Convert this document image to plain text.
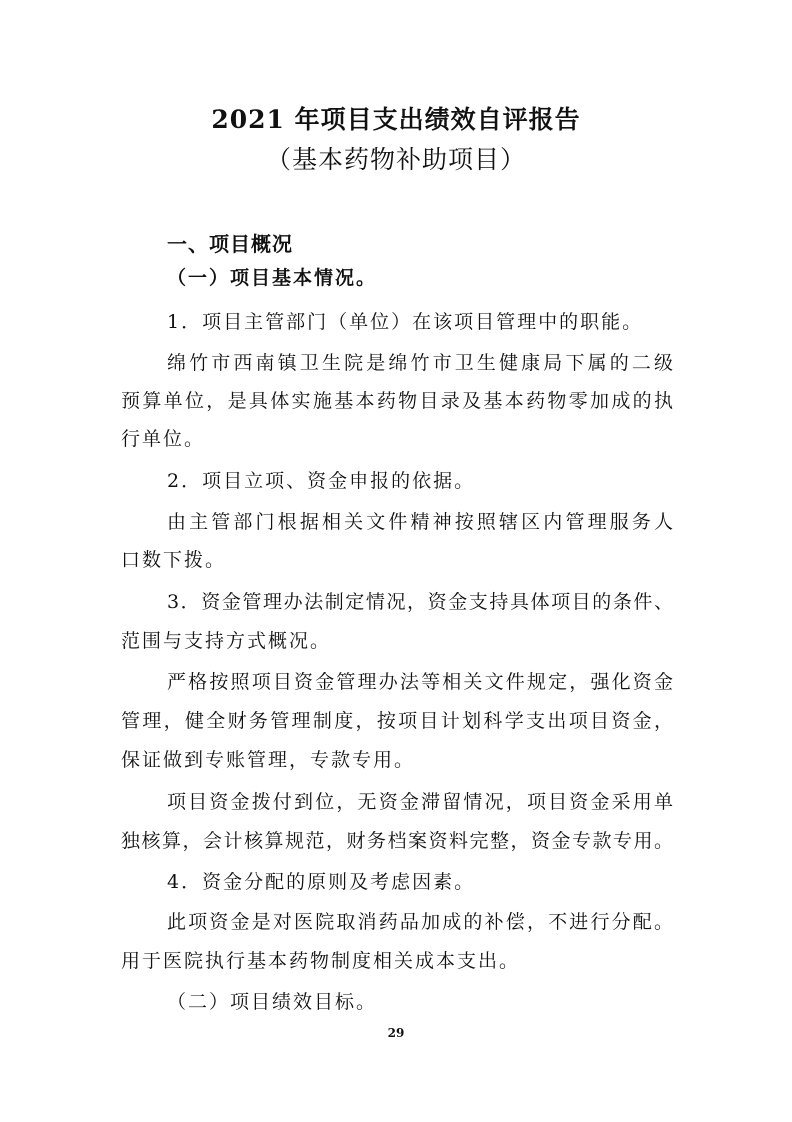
2021 年项目支出绩效自评报告
（基本药物补助项目）
一、项目概况
（一）项目基本情况。
1．项目主管部门（单位）在该项目管理中的职能。
绵竹市西南镇卫生院是绵竹市卫生健康局下属的二级
预算单位，是具体实施基本药物目录及基本药物零加成的执
行单位。
2．项目立项、资金申报的依据。
由主管部门根据相关文件精神按照辖区内管理服务人
口数下拨。
3．资金管理办法制定情况，资金支持具体项目的条件、
范围与支持方式概况。
严格按照项目资金管理办法等相关文件规定，强化资金
管理，健全财务管理制度，按项目计划科学支出项目资金，
保证做到专账管理，专款专用。
项目资金拨付到位，无资金滞留情况，项目资金采用单
独核算，会计核算规范，财务档案资料完整，资金专款专用。
4．资金分配的原则及考虑因素。
此项资金是对医院取消药品加成的补偿，不进行分配。
用于医院执行基本药物制度相关成本支出。
（二）项目绩效目标。
29
